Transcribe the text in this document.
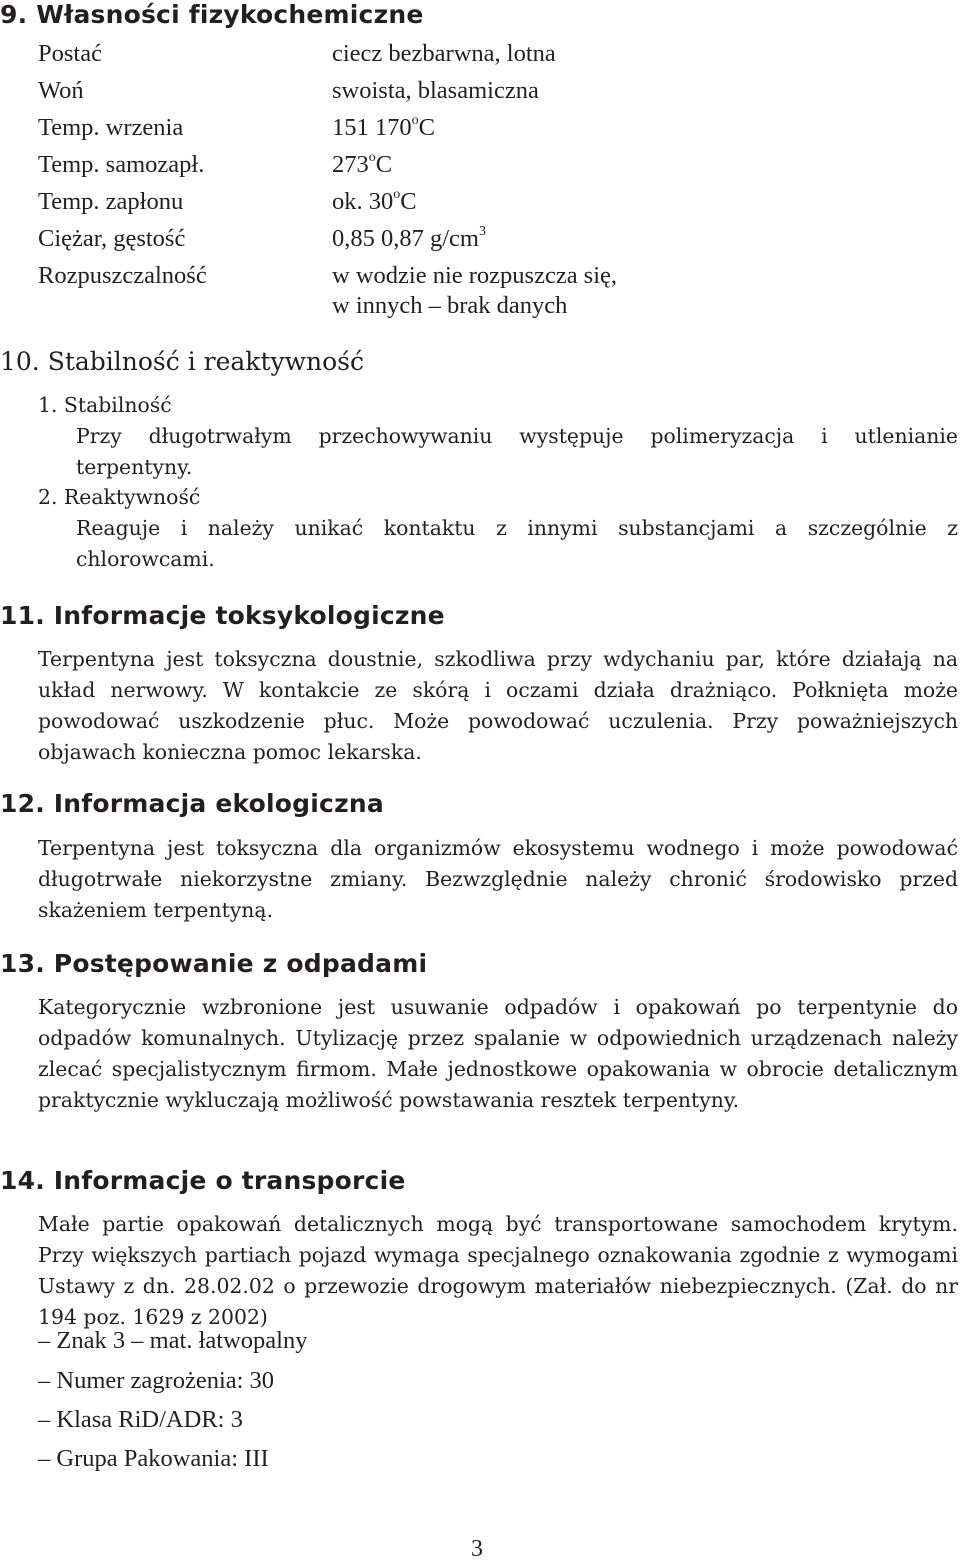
9. Własności fizykochemiczne
Postać	ciecz bezbarwna, lotna
Woń	swoista, blasamiczna
Temp. wrzenia	151 170$^o$C
Temp. samozapł.	273$^o$C
Temp. zapłonu	ok. 30$^o$C
Ciężar, gęstość	0,85 0,87 $g/cm^3$
Rozpuszczalność	w wodzie nie rozpuszcza się,
w innych – brak danych
10. Stabilność i reaktywność
1. Stabilność

Przy długotrwałym przechowywaniu występuje polimeryzacja i utlenianie terpentyny.

2. Reaktywność

Reaguje i należy unikać kontaktu z innymi substancjami a szczególnie z chlorowcami.

11. Informacje toksykologiczne

Terpentyna jest toksyczna doustnie, szkodliwa przy wdychaniu par, które działają na układ nerwowy. W kontakcie ze skórą i oczami działa drażniąco. Połknięta może powodować uszkodzenie płuc. Może powodować uczulenia. Przy poważniejszych objawach konieczna pomoc lekarska.

12. Informacja ekologiczna

Terpentyna jest toksyczna dla organizmów ekosystemu wodnego i może powodować długotrwałe niekorzystne zmiany. Bezwzględnie należy chronić środowisko przed skażeniem terpentyną.

13. Postępowanie z odpadami

Kategorycznie wzbronione jest usuwanie odpadów i opakowań po terpentynie do odpadów komunalnych. Utylizację przez spalanie w odpowiednich urządzenach należy zlecać specjalistycznym firmom. Małe jednostkowe opakowania w obrocie detalicznym praktycznie wykluczają możliwość powstawania resztek terpentyny.

14. Informacje o transporcie

Małe partie opakowań detalicznych mogą być transportowane samochodem krytym. Przy większych partiach pojazd wymaga specjalnego oznakowania zgodnie z wymogami Ustawy z dn. 28.02.02 o przewozie drogowym materiałów niebezpiecznych. (Zał. do nr 194 poz. 1629 z 2002)

– Znak 3 – mat. łatwopalny
– Numer zagrożenia: 30
– Klasa RiD/ADR: 3
– Grupa Pakowania: III
3
